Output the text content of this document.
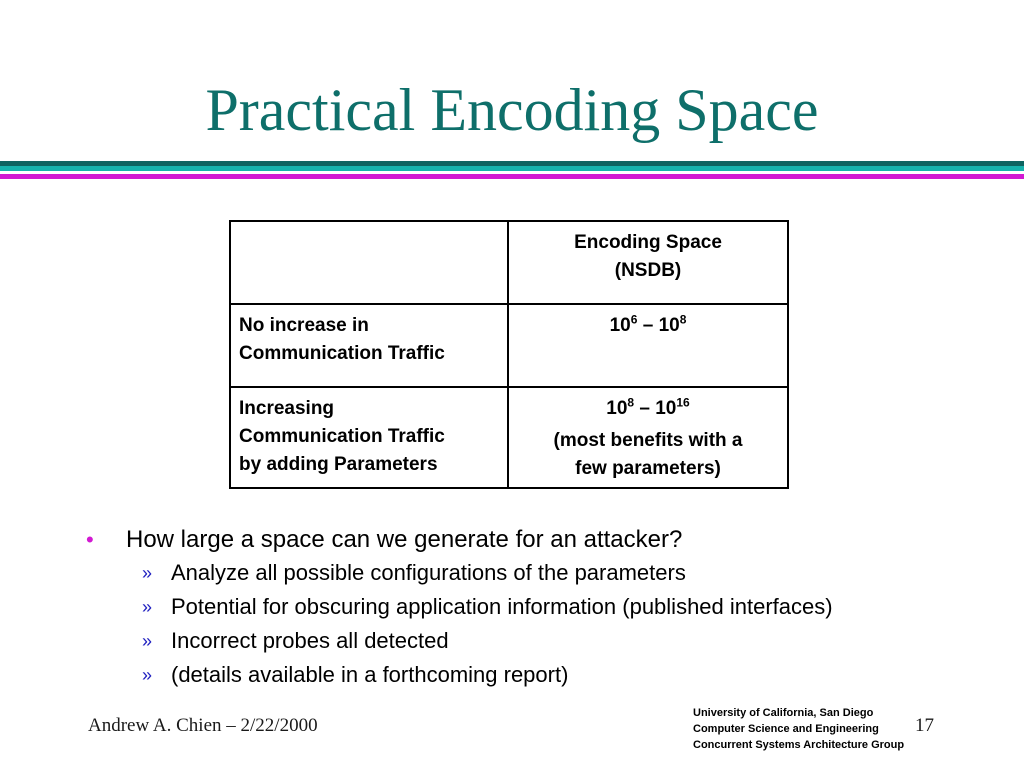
Practical Encoding Space

	Encoding Space
(NSDB)

No increase in
Communication Traffic	$10^6 - 10^8$

Increasing
Communication Traffic
by adding Parameters	$10^8 - 10^{16}$
(most benefits with a
few parameters)
• How large a space can we generate for an attacker?
» Analyze all possible configurations of the parameters
» Potential for obscuring application information (published interfaces)
» Incorrect probes all detected
» (details available in a forthcoming report)
Andrew A. Chien – 2/22/2000
University of California, San Diego
Computer Science and Engineering
Concurrent Systems Architecture Group
17
